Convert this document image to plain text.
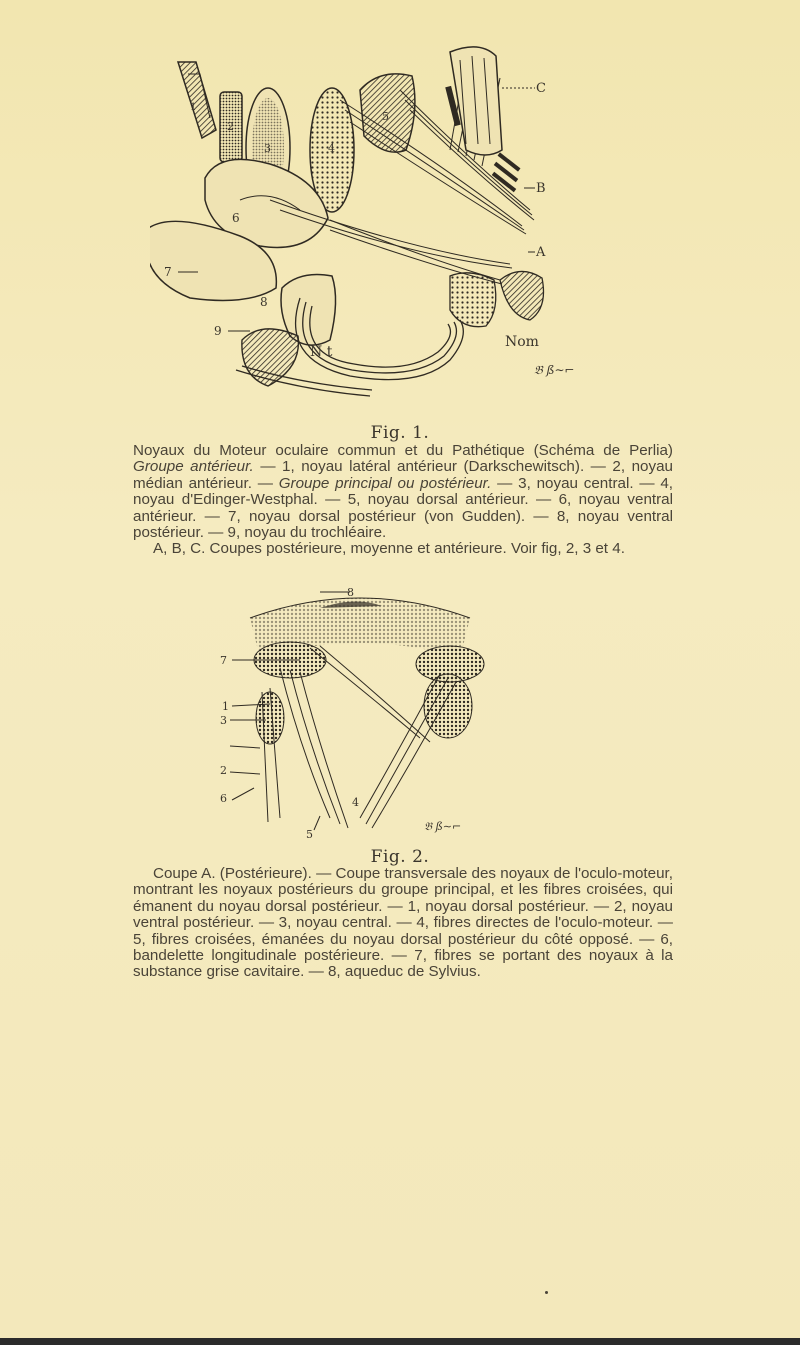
C
B
A
Nom
N t
1
2
3	4
5
6
7
8
9
𝔅 ß∼⌐
Fig. 1.

Noyaux du Moteur oculaire commun et du Pathétique (Schéma de Perlia) Groupe antérieur. — 1, noyau latéral antérieur (Darkschewitsch). — 2, noyau médian antérieur. — Groupe principal ou postérieur. — 3, noyau central. — 4, noyau d'Edinger-Westphal. — 5, noyau dorsal antérieur. — 6, noyau ventral antérieur. — 7, noyau dorsal postérieur (von Gudden). — 8, noyau ventral postérieur. — 9, noyau du trochléaire.

A, B, C. Coupes postérieure, moyenne et antérieure. Voir fig, 2, 3 et 4.

8
7
1
3
2
6
5
4
𝔅 ß∼⌐
Fig. 2.

Coupe A. (Postérieure). — Coupe transversale des noyaux de l'oculo-moteur, montrant les noyaux postérieurs du groupe principal, et les fibres croisées, qui émanent du noyau dorsal postérieur. — 1, noyau dorsal postérieur. — 2, noyau ventral postérieur. — 3, noyau central. — 4, fibres directes de l'oculo-moteur. — 5, fibres croisées, émanées du noyau dorsal postérieur du côté opposé. — 6, bandelette longitudinale postérieure. — 7, fibres se portant des noyaux à la substance grise cavitaire. — 8, aqueduc de Sylvius.
